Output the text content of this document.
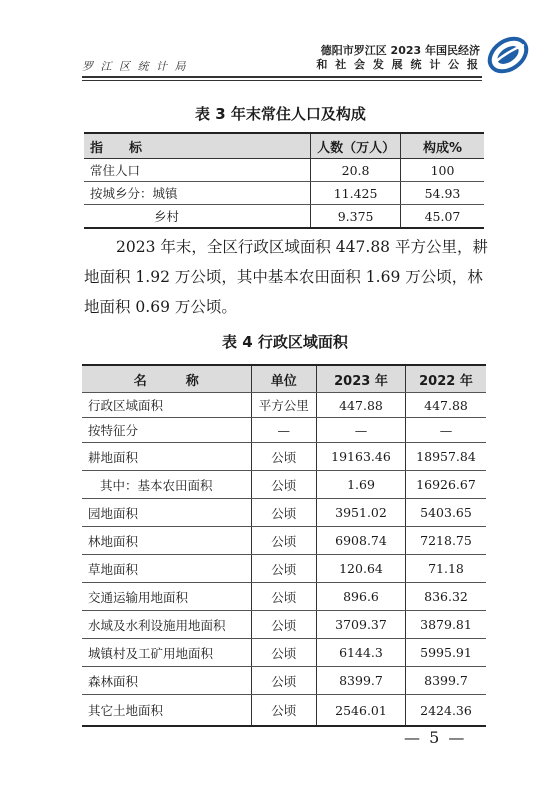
罗 江 区 统 计 局
德阳市罗江区 2023 年国民经济
和 社 会 发 展 统 计 公 报
表 3 年末常住人口及构成
指　　标	人数（万人）	构成%
常住人口	20.8	100
按城乡分：城镇	11.425	54.93
乡村	9.375	45.07
2023 年末，全区行政区域面积 447.88 平方公里，耕
地面积 1.92 万公顷，其中基本农田面积 1.69 万公顷，林
地面积 0.69 万公顷。
表 4 行政区域面积
名　　　称	单位	2023 年	2022 年
行政区域面积	平方公里	447.88	447.88
按特征分	—	—	—
耕地面积	公顷	19163.46	18957.84
其中：基本农田面积	公顷	1.69	16926.67
园地面积	公顷	3951.02	5403.65
林地面积	公顷	6908.74	7218.75
草地面积	公顷	120.64	71.18
交通运输用地面积	公顷	896.6	836.32
水域及水利设施用地面积	公顷	3709.37	3879.81
城镇村及工矿用地面积	公顷	6144.3	5995.91
森林面积	公顷	8399.7	8399.7
其它土地面积	公顷	2546.01	2424.36
— 5 —
